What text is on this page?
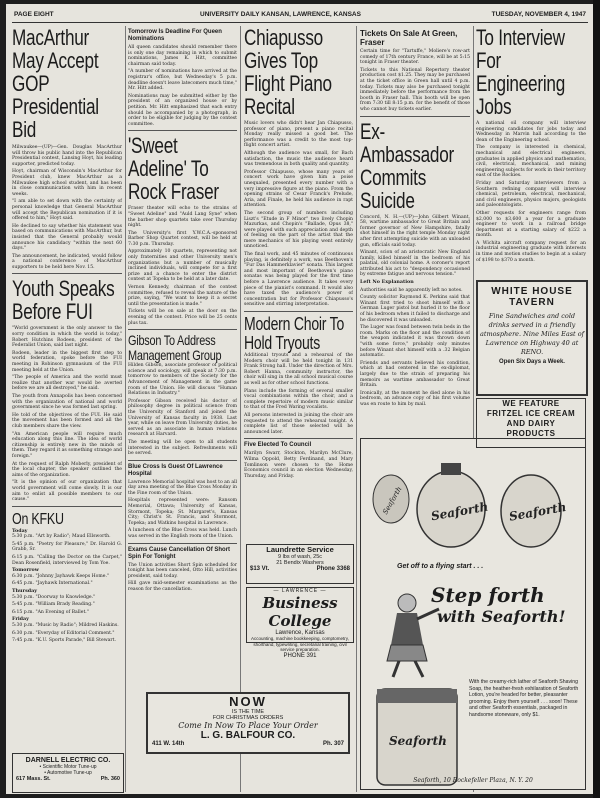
PAGE EIGHT	UNIVERSITY DAILY KANSAN, LAWRENCE, KANSAS	TUESDAY, NOVEMBER 4, 1947
MacArthur May Accept GOP Presidential Bid

Milwaukee—(UP)—Gen. Douglas MacArthur will throw his public hand into the Republican Presidential contest, Lansing Hoyt, his leading supporter, predicted today.

Hoyt, chairman of Wisconsin's MacArthur for President club, knew MacArthur as a Milwaukee high school student, and has been in close communication with him in recent weeks.

"I am able to set down with the certainty of personal knowledge that General MacArthur will accept the Republican nomination if it is offered to him," Hoyt said.

He declined to say whether his statement was based on communications with MacArthur, but insisted that the General probably would announce his candidacy "within the next 60 days."

The announcement, he indicated, would follow a national conference of MacArthur supporters to be held here Nov. 15.

Youth Speaks Before FUI

"World government is the only answer to the sorry condition in which the world is today," Robert Hutchins Rodeen, president of the Federalist Union, said last night.

Rodeen, leader in the biggest first step to world federation, spoke before the FUI meeting in Robinson gymnasium of the FUI meeting held at the Union.

"The people of America and the world must realize that another war would be averted before we are all destroyed," he said.

The youth from Annapolis has been concerned with the organization of national and world government since he was formed last spring.

He told of the objectives of the FUI. He said the movement has been formed and all the club members share the view.

"An American people will require much education along this line. The idea of world citizenship is entirely new in the minds of them. They regard it as something strange and foreign."

At the request of Ralph Moberly, president of the local chapter, the speaker outlined the aims of the organization.

"It is the opinion of our organization that world government will come slowly. It is our aim to enlist all possible members to our cause."

On KFKU
Today

5:30 p.m. "Art by Radio"; Maud Ellsworth.

5:45 p.m. "Poetry for Pleasure," Dr. Harold G. Grabb, Sr.

6:15 p.m. "Calling the Doctor on the Carpet," Dean Rosenfield, interviewed by Tom Yoe.

Tomorrow

6:30 p.m. "Johnny Jayhawk Keeps Home."

6:45 p.m. "Jayhawk International."

Thursday

5:30 p.m. "Doorway to Knowledge."

5:45 p.m. "William Brady Reading."

6:15 p.m. "An Evening of Ballet."

Friday

5:30 p.m. "Music by Radio"; Mildred Haskins.

6:30 p.m. "Everyday of Editorial Comment."

7:45 p.m. "K.U. Sports Parade," Bill Stewart.

DARNELL ELECTRIC CO.
• Scientific Motor Tune-up
• Automotive Tune-up
617 Mass. St.	Ph. 360
Tomorrow Is Deadline For Queen Nominations

All queen candidates should remember there is only one day remaining in which to submit nominations, James K. Hitt, committee chairman said today.

"A number of nominations have arrived at the registrar's office, but Wednesday's 5 p.m. deadline doesn't leave latecomers much time," Mr. Hitt added.

Nominations may be submitted either by the president of an organized house or by petition. Mr. Hitt emphasized that each entry should be accompanied by a photograph, in order to be eligible for judging by the contest committee.

'Sweet Adeline' To Rock Fraser

Fraser theater will echo to the strains of "Sweet Adeline" and "Auld Lang Syne" when the barber shop quartets take over Thursday night.

The University's first Y.W.C.A.-sponsored Barber Shop Quartet contest, will be held at 7:30 p.m. Thursday.

Approximately 10 quartets, representing not only fraternities and other University men's organizations but a number of musically inclined individuals, will compete for a first prize and a chance to enter the district contest at Topeka to be held at a later date.

Vernon Kennedy, chairman of the contest committee, refused to reveal the nature of the prize, saying, "We want to keep it a secret until the presentation is made."

Tickets will be on sale at the door on the evening of the contest. Price will be 25 cents plus tax.

Gibson To Address Management Group

Hilden Gibson, associate professor of political science and sociology, will speak at 7:30 p.m. tomorrow to members of the Society for the Advancement of Management in the game room of the Union. He will discuss "Human Relations in Industry."

Professor Gibson received his doctor of philosophy degree in political science from the University of Stanford and joined the University of Kansas faculty in 1938. Last year, while on leave from University duties, he served as an associate in human relations research at Harvard.

The meeting will be open to all students interested in the subject. Refreshments will be served.

Blue Cross Is Guest Of Lawrence Hospital

Lawrence Memorial hospital was host to an all day area meeting of the Blue Cross Monday in the Fine room of the Union.

Hospitals represented were: Ransom Memorial, Ottawa; University of Kansas, Stormont, Topeka; St. Margaret's, Kansas City; Christ's St. Francis, and Stormont, Topeka; and Watkins hospital in Lawrence.

A luncheon of the Blue Cross was held. Lunch was served in the English room of the Union.

Exams Cause Cancellation Of Short Spin For Tonight

The Union activities Short Spin scheduled for tonight has been canceled, Otto Hill, activities president, said today.

Hill gave mid-semester examinations as the reason for the cancellation.

NOW
IS THE TIME
FOR CHRISTMAS ORDERS
Come In Now To Place Your Order
L. G. BALFOUR CO.
411 W. 14th	Ph. 307
Chiapusso Gives Top Flight Piano Recital

Music lovers who didn't hear Jan Chiapusso, professor of piano, present a piano recital Monday really missed a good bet. The performance was a credit to the most top-flight concert artist.

Although the audience was small, for Bach satisfaction, the music the audience heard was tremendous in both quality and quantity.

Professor Chiapusso, whose many years of concert work have given him a poise unequaled, presented every number with a very impressive figure at the piano. From the opening strains of Cesar Franck's Prelude, Aria, and Finale, he held his audience in rapt attention.

The second group of numbers including Liszt's "Etude in F Minor" two lively Chopin Mazurkas, and Chopin's "Ballade, Opus 38," were played with such appreciation and depth of feeling on the part of the artist that the mere mechanics of his playing went entirely unnoticed.

The final work, and 45 minutes of continuous playing, is definitely a work, was Beethoven's "Fur Das Hammerklavier" sonata. This largest and most important of Beethoven's piano sonatas was being played for the first time before a Lawrence audience. It takes every piece of the pianist's command. It would also have taxed the audience's power of concentration but for Professor Chiapusso's sensitive and stirring interpretation.

Modern Choir To Hold Tryouts

Additional tryouts and a rehearsal of the Modern choir will be held tonight in 131 Frank Strong hall. Under the direction of Mrs. Robert Hanna, community instructor, the choir will sing in the all school musical course as well as for other school functions.

Plans include the forming of several smaller vocal combinations within the choir, and a complete repertoire of modern music similar to that of the Fred Waring vocalists.

All persons interested in joining the choir are requested to attend the rehearsal tonight. A complete list of those selected will be announced later.

Five Elected To Council

Marilyn Swarr, Stockton, Marilyn McClure, Wilma Oppold, Betty Ferdinand, and Mary Tomlinson were chosen to the Home Economics council in an election Wednesday, Thursday, and Friday.

Laundrette Service
9 lbs of wash, 25c
21 Bendix Washers
$13 Vt.	Phone 3368
— LAWRENCE —
Business College
Lawrence, Kansas
Accounting, machine bookkeeping, comptometry, shorthand, typewriting, secretarial training, civil service preparation.
PHONE 391
Tickets On Sale At Green, Fraser

Certain time for "Tartuffe," Moliere's row-art comedy of 17th century France, will be at 5:15 tonight in Fraser theater.

Tickets to this National Repertory theater production cost $1.25. They may be purchased at the ticket office in Green hall until 4 p.m. today. Tickets may also be purchased tonight immediately before the performance from the booth in Fraser hall. This booth will be open from 7:30 till 8:15 p.m. for the benefit of those who cannot buy tickets earlier.

Ex-Ambassador Commits Suicide

Concord, N. H.—(UP)—John Gilbert Winant, 58, wartime ambassador to Great Britain and former governor of New Hampshire, fatally shot himself in the right temple Monday night after first attempting suicide with an unloaded gun, officials said today.

Winant, scion of an aristocratic New England family, killed himself in the bedroom of his palatial, old colonial home. A coroner's report attributed his act to "despondency occasioned by extreme fatigue and nervous tension."

Left No Explanation

Authorities said he apparently left no notes.

County solicitor Raymond K. Perkins said that Winant first tried to shoot himself with a German Luger pistol but hurled it to the floor of his bedroom when it failed to discharge and he discovered it was unloaded.

The Luger was found between twin beds in the room. Marks on the floor and the condition of the weapon indicated it was thrown down "with some force," probably only minutes before Winant shot himself with a .32 Belgian automatic.

Friends and servants believed his condition, which at had centered in the ex-diplomat, largely due to the strain of preparing his memoirs as wartime ambassador to Great Britain.

Ironically, at the moment he died alone in his bedroom, an advance copy of his first volume was en route to him by mail.

Seaforth Seaforth
Seaforth
Get off to a flying start . . .
Step forth
with Seaforth!
Seaforth
With the creamy-rich lather of Seaforth Shaving Soap, the heather-fresh exhilaration of Seaforth Lotion, you're headed for better, pleasanter grooming. Enjoy them yourself . . . soon! These and other Seaforth essentials, packaged in handsome stoneware, only $1.
Seaforth, 10 Rockefeller Plaza, N. Y. 20
To Interview For Engineering Jobs

A national oil company will interview engineering candidates for jobs today and Wednesday in Marvin hall according to the dean of the Engineering school.

The company is interested in chemical, mechanical and electrical engineers, graduates in applied physics and mathematics, civil, electrical, mechanical, and mining engineering subjects for work in their territory east of the Rockies.

Friday and Saturday interviewers from a Southern refining company will interview chemical, petroleum, electrical, mechanical, and civil engineers, physics majors, geologists and paleontologists.

Other requests for engineers range from $2,000 to $3,600 a year for a graduate engineer to work in a railroad bridge department at a starting salary of $222 a month.

A Wichita aircraft company request for an industrial engineering graduate with interests in time and motion studies to begin at a salary of $198 to $370 a month.

WHITE HOUSE
TAVERN
Fine Sandwiches and cold drinks served in a friendly atmosphere. Nine Miles East of Lawrence on Highway 40 at RENO.
Open Six Days a Week.
WE FEATURE
FRITZEL ICE CREAM
AND DAIRY
PRODUCTS
